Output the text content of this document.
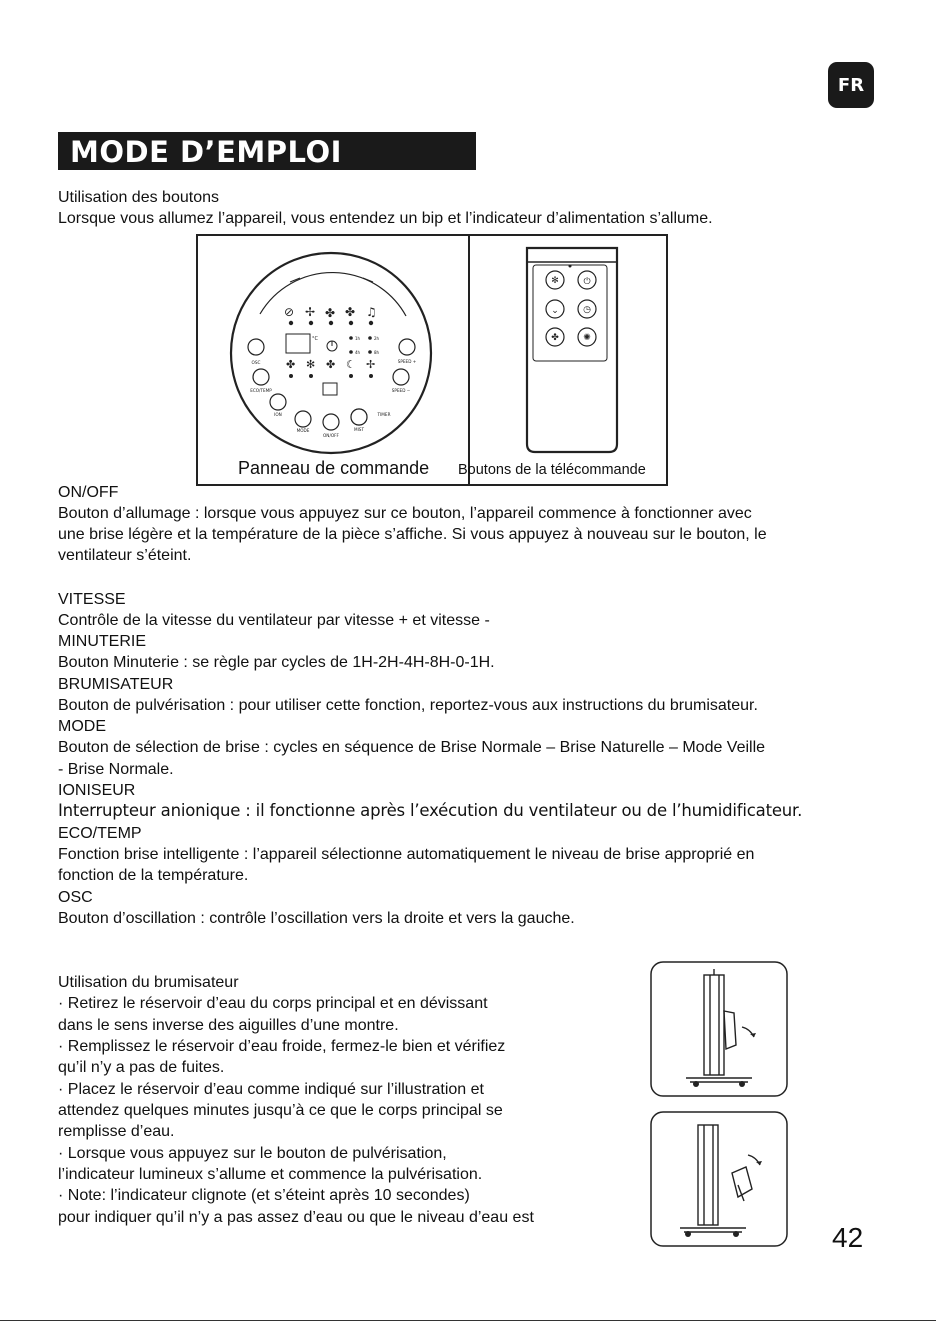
FR
MODE D’EMPLOI
Utilisation des boutons
Lorsque vous allumez l’appareil, vous entendez un bip et l’indicateur d’alimentation s’allume.
⊘ ✢ ✤ ✤ ♫
°C	1h	2h
4h	8h
✤ ✻ ✤ ☾ ✢
OSC	SPEED +
ECO/TEMP	SPEED −
ION	TIMER
MODE	MIST
ON/OFF
✻	⏻
⌄	◷
✤	✺
Panneau de commande Boutons de la télécommande
ON/OFF
Bouton d’allumage : lorsque vous appuyez sur ce bouton, l’appareil commence à fonctionner avec
une brise légère et la température de la pièce s’affiche. Si vous appuyez à nouveau sur le bouton, le
ventilateur s’éteint.
VITESSE
Contrôle de la vitesse du ventilateur par vitesse + et vitesse -
MINUTERIE
Bouton Minuterie : se règle par cycles de 1H-2H-4H-8H-0-1H.
BRUMISATEUR
Bouton de pulvérisation : pour utiliser cette fonction, reportez-vous aux instructions du brumisateur.
MODE
Bouton de sélection de brise : cycles en séquence de Brise Normale – Brise Naturelle – Mode Veille
- Brise Normale.
IONISEUR
Interrupteur anionique : il fonctionne après l’exécution du ventilateur ou de l’humidificateur.
ECO/TEMP
Fonction brise intelligente : l’appareil sélectionne automatiquement le niveau de brise approprié en
fonction de la température.
OSC
Bouton d’oscillation : contrôle l’oscillation vers la droite et vers la gauche.
Utilisation du brumisateur
· Retirez le réservoir d’eau du corps principal et en dévissant
dans le sens inverse des aiguilles d’une montre.
· Remplissez le réservoir d’eau froide, fermez-le bien et vérifiez
qu’il n’y a pas de fuites.
· Placez le réservoir d’eau comme indiqué sur l’illustration et
attendez quelques minutes jusqu’à ce que le corps principal se
remplisse d’eau.
· Lorsque vous appuyez sur le bouton de pulvérisation,
l’indicateur lumineux s’allume et commence la pulvérisation.
· Note: l’indicateur clignote (et s’éteint après 10 secondes)
pour indiquer qu’il n’y a pas assez d’eau ou que le niveau d’eau est
42
